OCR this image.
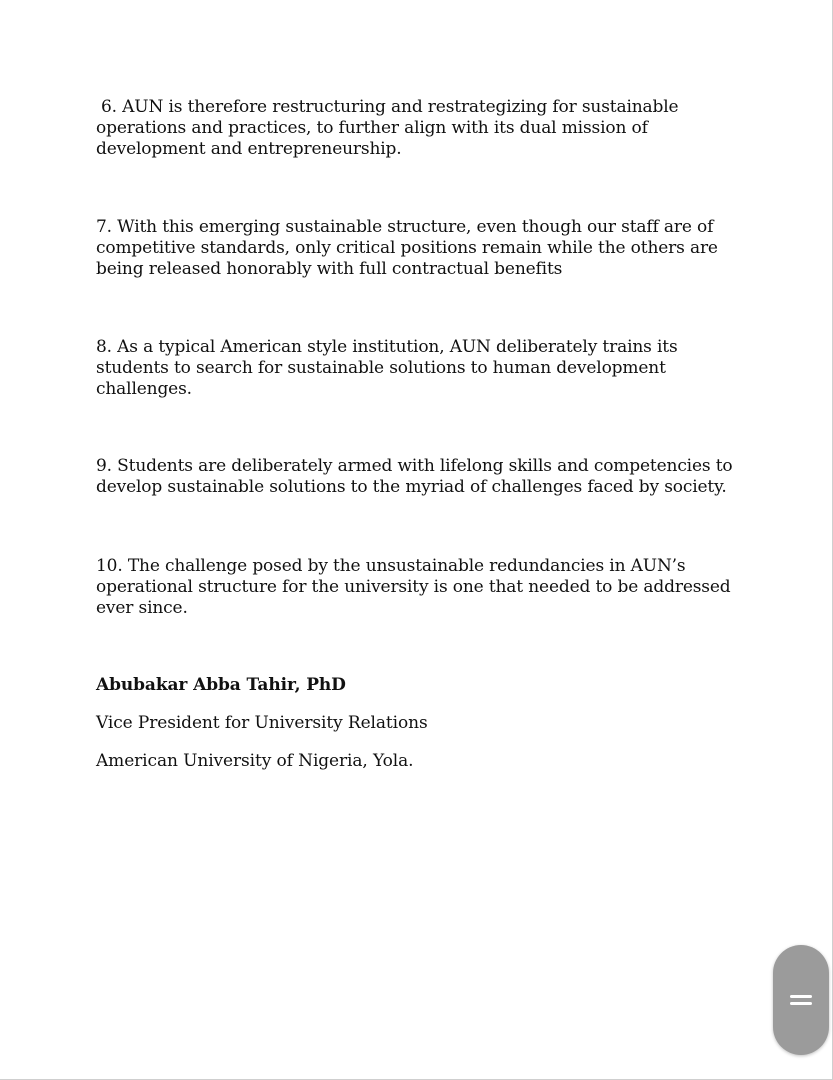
6. AUN is therefore restructuring and restrategizing for sustainable operations and practices, to further align with its dual mission of development and entrepreneurship.

7. With this emerging sustainable structure, even though our staff are of competitive standards, only critical positions remain while the others are being released honorably with full contractual benefits

8. As a typical American style institution, AUN deliberately trains its students to search for sustainable solutions to human development challenges.

9. Students are deliberately armed with lifelong skills and competencies to develop sustainable solutions to the myriad of challenges faced by society.

10. The challenge posed by the unsustainable redundancies in AUN’s operational structure for the university is one that needed to be addressed ever since.

Abubakar Abba Tahir, PhD

Vice President for University Relations

American University of Nigeria, Yola.
